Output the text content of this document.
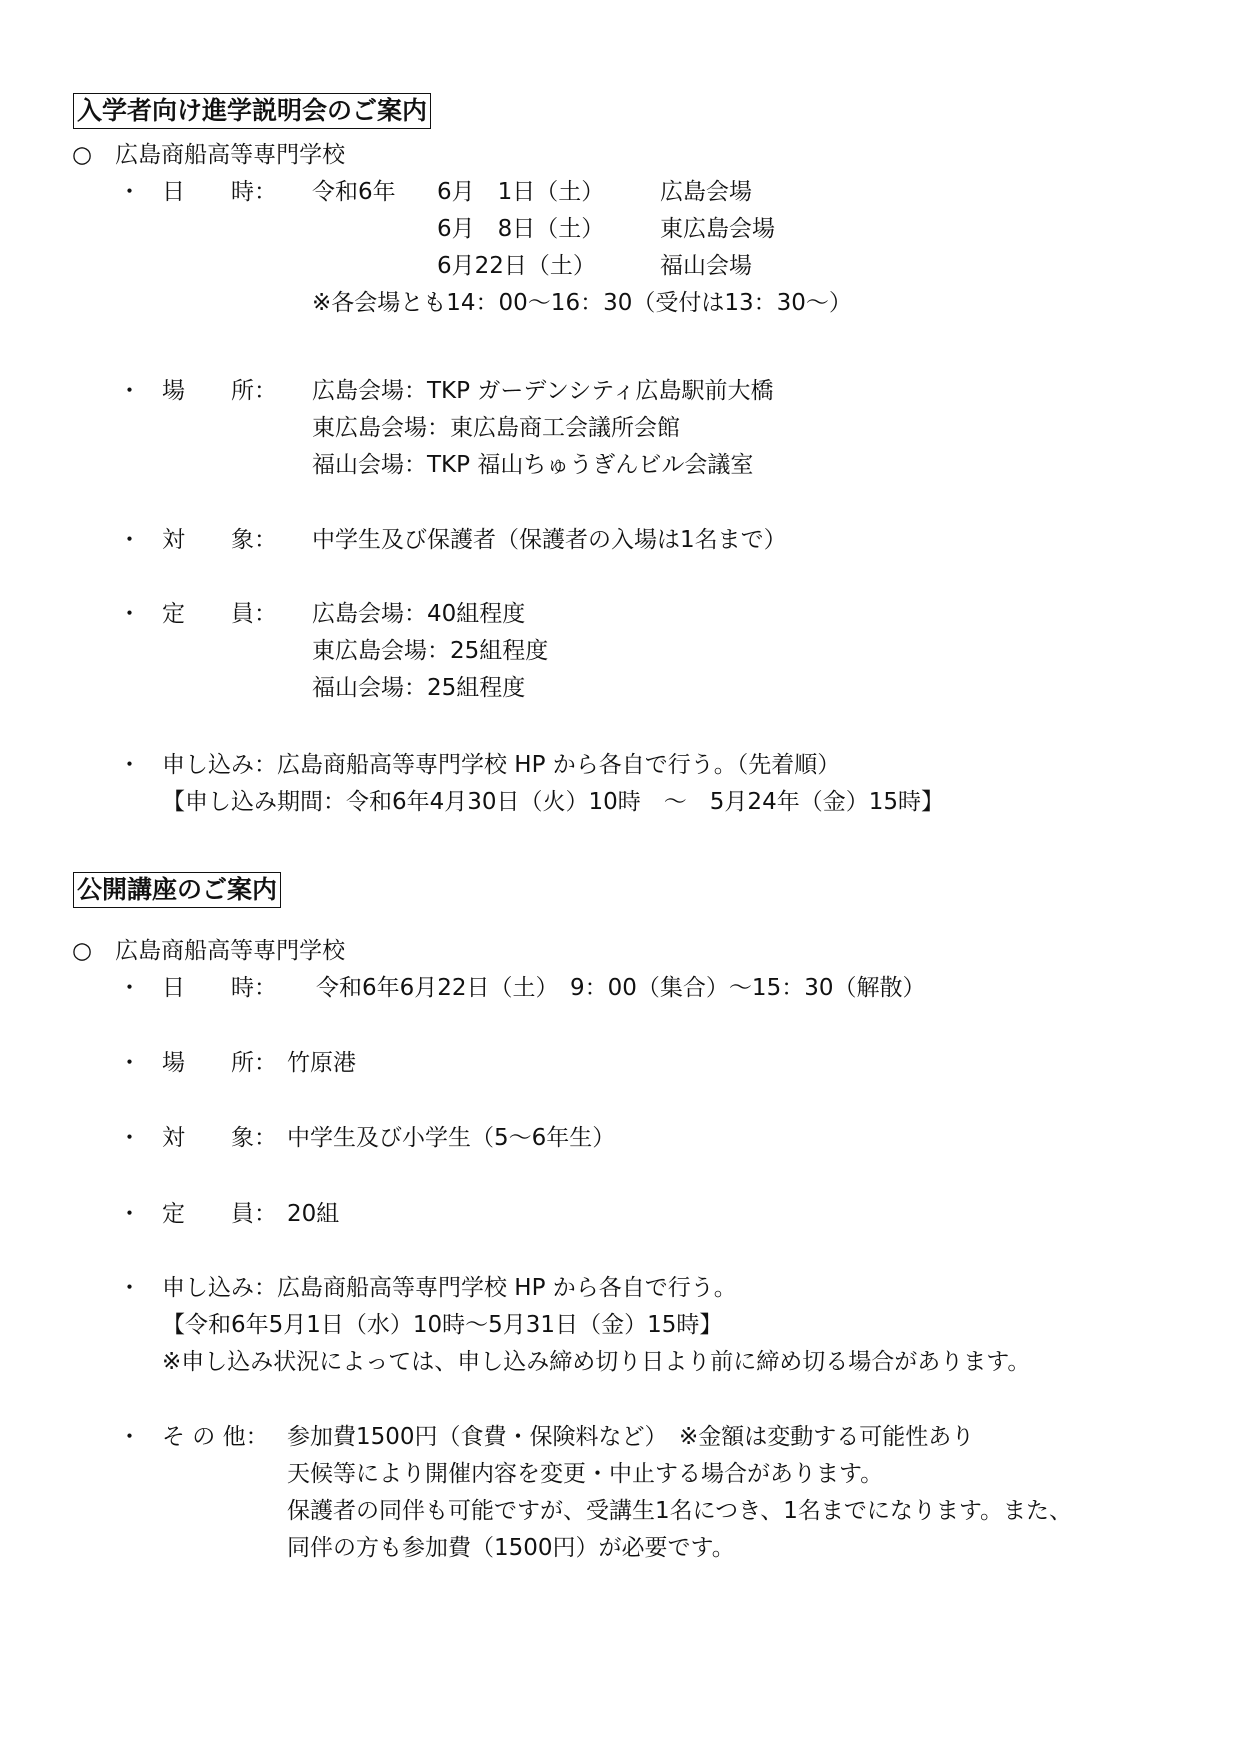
入学者向け進学説明会のご案内
○　広島商船高等専門学校
・ 日　　時： 令和6年 6月　1日（土） 広島会場
6月　8日（土） 東広島会場
6月22日（土）	福山会場
※各会場とも14：00～16：30（受付は13：30～）
・ 場　　所： 広島会場：TKP ガーデンシティ広島駅前大橋
東広島会場：東広島商工会議所会館
福山会場：TKP 福山ちゅうぎんビル会議室
・ 対　　象： 中学生及び保護者（保護者の入場は1名まで）
・ 定　　員： 広島会場：40組程度
東広島会場：25組程度
福山会場：25組程度
・ 申し込み：広島商船高等専門学校 HP から各自で行う。（先着順）
【申し込み期間：令和6年4月30日（火）10時　～　5月24年（金）15時】
公開講座のご案内
○　広島商船高等専門学校
・ 日　　時： 令和6年6月22日（土）　9：00（集合）～15：30（解散）
・ 場　　所： 竹原港
・ 対　　象： 中学生及び小学生（5～6年生）
・ 定　　員： 20組
・ 申し込み：広島商船高等専門学校 HP から各自で行う。
【令和6年5月1日（水）10時～5月31日（金）15時】
※申し込み状況によっては、申し込み締め切り日より前に締め切る場合があります。
・ そ の 他： 参加費1500円（食費・保険料など）　※金額は変動する可能性あり
天候等により開催内容を変更・中止する場合があります。
保護者の同伴も可能ですが、受講生1名につき、1名までになります。また、
同伴の方も参加費（1500円）が必要です。
